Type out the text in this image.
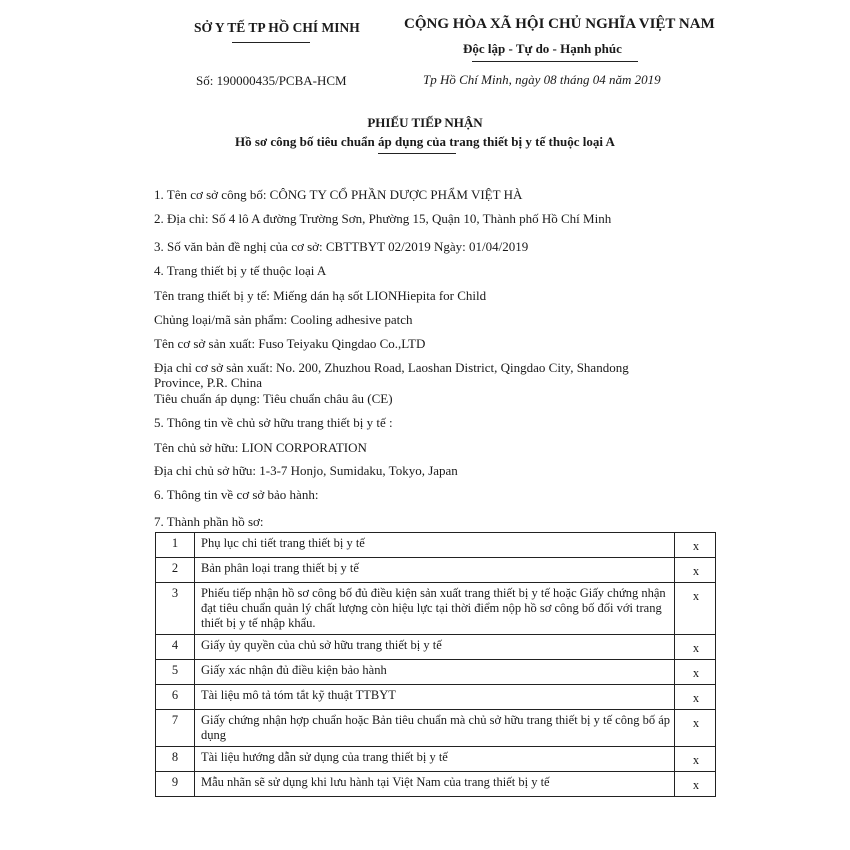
SỞ Y TẾ TP HỒ CHÍ MINH	CỘNG HÒA XÃ HỘI CHỦ NGHĨA VIỆT NAM
Độc lập - Tự do - Hạnh phúc
Số: 190000435/PCBA-HCM	Tp Hồ Chí Minh, ngày 08 tháng 04 năm 2019
PHIẾU TIẾP NHẬN
Hồ sơ công bố tiêu chuẩn áp dụng của trang thiết bị y tế thuộc loại A
1. Tên cơ sở công bố: CÔNG TY CỔ PHẦN DƯỢC PHẨM VIỆT HÀ
2. Địa chỉ: Số 4 lô A đường Trường Sơn, Phường 15, Quận 10, Thành phố Hồ Chí Minh
3. Số văn bản đề nghị của cơ sở: CBTTBYT 02/2019 Ngày: 01/04/2019
4. Trang thiết bị y tế thuộc loại A
Tên trang thiết bị y tế: Miếng dán hạ sốt LIONHiepita for Child
Chủng loại/mã sản phẩm: Cooling adhesive patch
Tên cơ sở sản xuất: Fuso Teiyaku Qingdao Co.,LTD
Địa chỉ cơ sở sản xuất: No. 200, Zhuzhou Road, Laoshan District, Qingdao City, Shandong Province, P.R. China
Tiêu chuẩn áp dụng: Tiêu chuẩn châu âu (CE)
5. Thông tin về chủ sở hữu trang thiết bị y tế :
Tên chủ sở hữu: LION CORPORATION
Địa chỉ chủ sở hữu: 1-3-7 Honjo, Sumidaku, Tokyo, Japan
6. Thông tin về cơ sở bảo hành:
7. Thành phần hồ sơ:
1	Phụ lục chi tiết trang thiết bị y tế	x
2	Bản phân loại trang thiết bị y tế	x
3	Phiếu tiếp nhận hồ sơ công bố đủ điều kiện sản xuất trang thiết bị y tế hoặc Giấy chứng nhận đạt tiêu chuẩn quản lý chất lượng còn hiệu lực tại thời điểm nộp hồ sơ công bố đối với trang thiết bị y tế nhập khẩu.	x
4	Giấy ủy quyền của chủ sở hữu trang thiết bị y tế	x
5	Giấy xác nhận đủ điều kiện bảo hành	x
6	Tài liệu mô tả tóm tắt kỹ thuật TTBYT	x
7	Giấy chứng nhận hợp chuẩn hoặc Bản tiêu chuẩn mà chủ sở hữu trang thiết bị y tế công bố áp dụng	x
8	Tài liệu hướng dẫn sử dụng của trang thiết bị y tế	x
9	Mẫu nhãn sẽ sử dụng khi lưu hành tại Việt Nam của trang thiết bị y tế	x
